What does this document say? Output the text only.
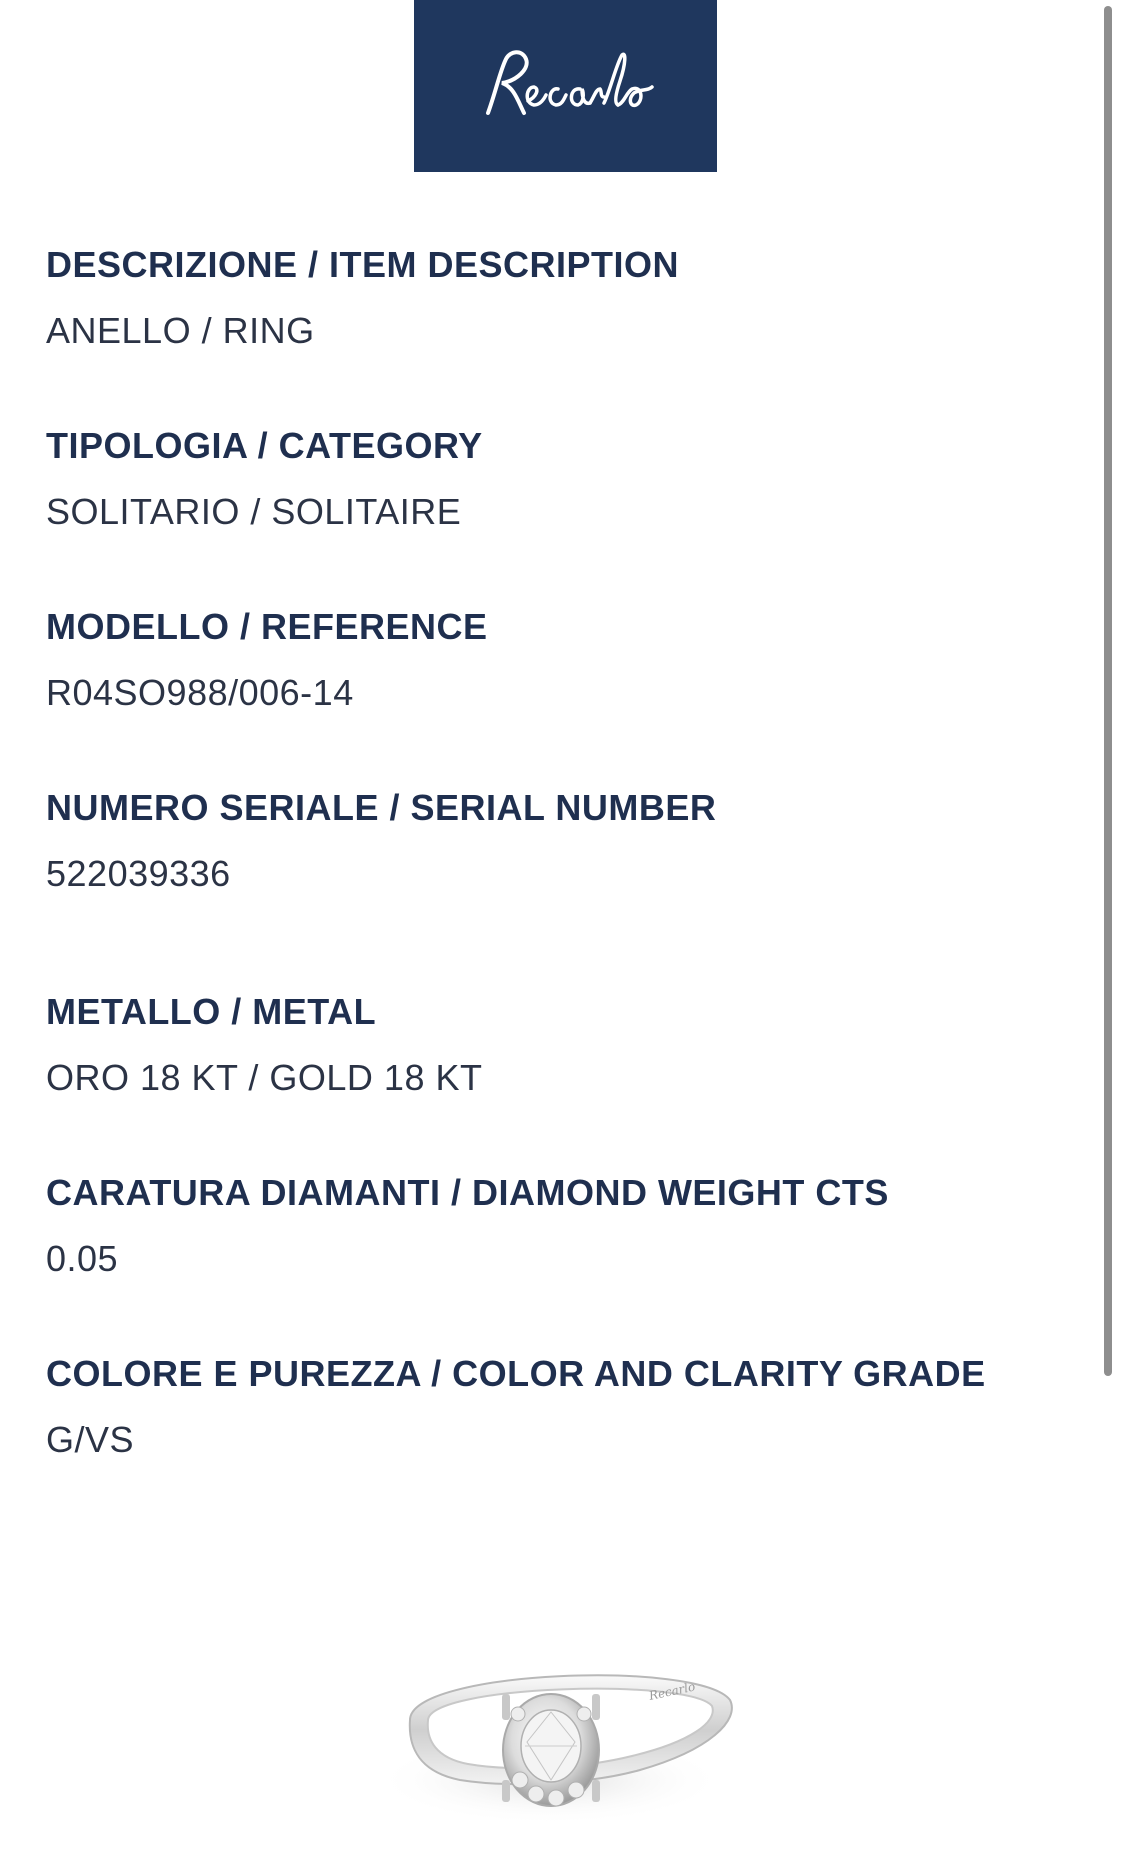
DESCRIZIONE / ITEM DESCRIPTION
ANELLO / RING
TIPOLOGIA / CATEGORY
SOLITARIO / SOLITAIRE
MODELLO / REFERENCE
R04SO988/006-14
NUMERO SERIALE / SERIAL NUMBER
522039336
METALLO / METAL
ORO 18 KT / GOLD 18 KT
CARATURA DIAMANTI / DIAMOND WEIGHT CTS
0.05
COLORE E PUREZZA / COLOR AND CLARITY GRADE
G/VS
Recarlo
